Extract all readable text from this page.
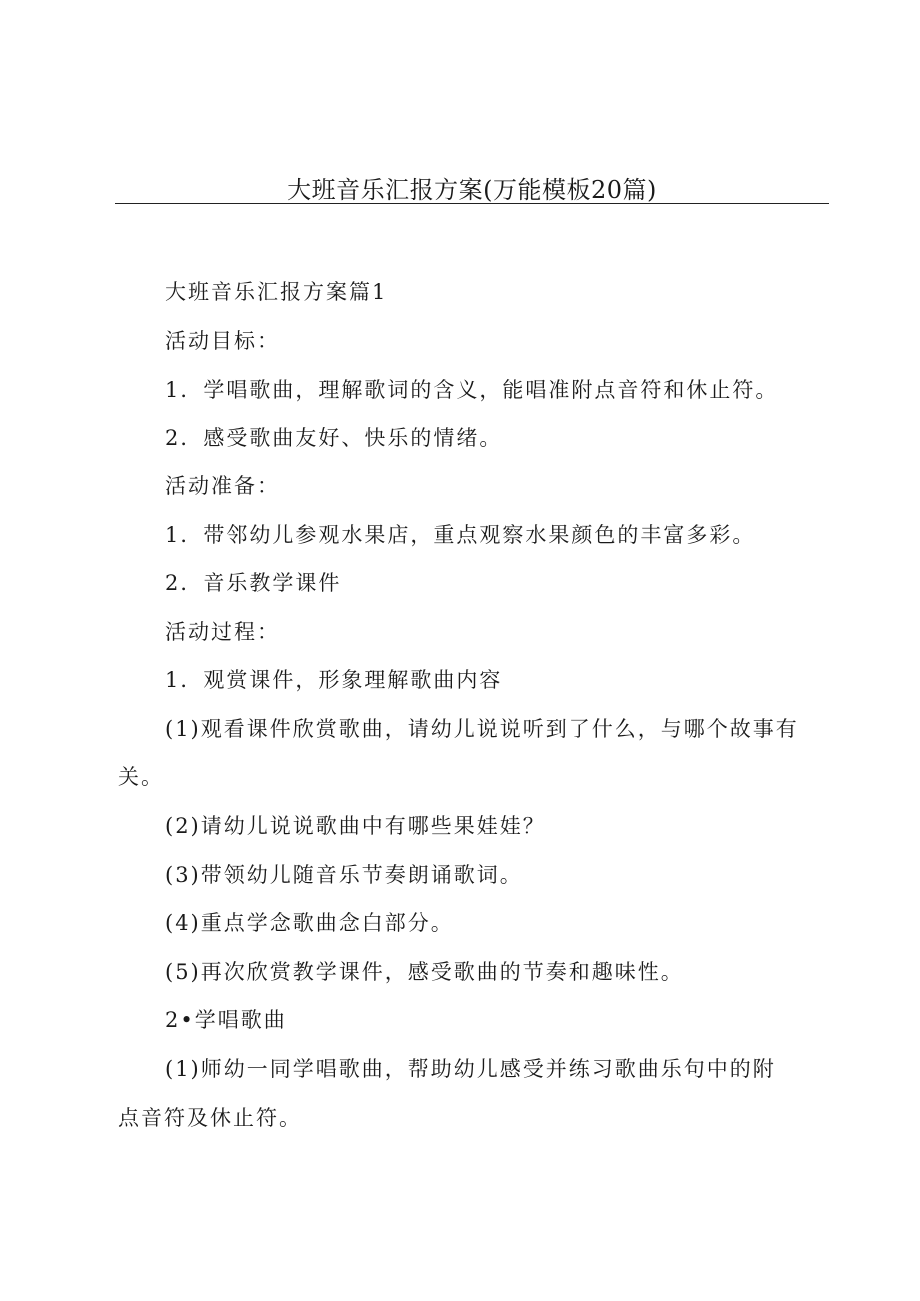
大班音乐汇报方案(万能模板20篇)
大班音乐汇报方案篇1
活动目标：
1．学唱歌曲，理解歌词的含义，能唱准附点音符和休止符。
2．感受歌曲友好、快乐的情绪。
活动准备：
1．带邻幼儿参观水果店，重点观察水果颜色的丰富多彩。
2．音乐教学课件
活动过程：
1．观赏课件，形象理解歌曲内容
(1)观看课件欣赏歌曲，请幼儿说说听到了什么，与哪个故事有
关。
(2)请幼儿说说歌曲中有哪些果娃娃？
(3)带领幼儿随音乐节奏朗诵歌词。
(4)重点学念歌曲念白部分。
(5)再次欣赏教学课件，感受歌曲的节奏和趣味性。
2•学唱歌曲
(1)师幼一同学唱歌曲，帮助幼儿感受并练习歌曲乐句中的附
点音符及休止符。
